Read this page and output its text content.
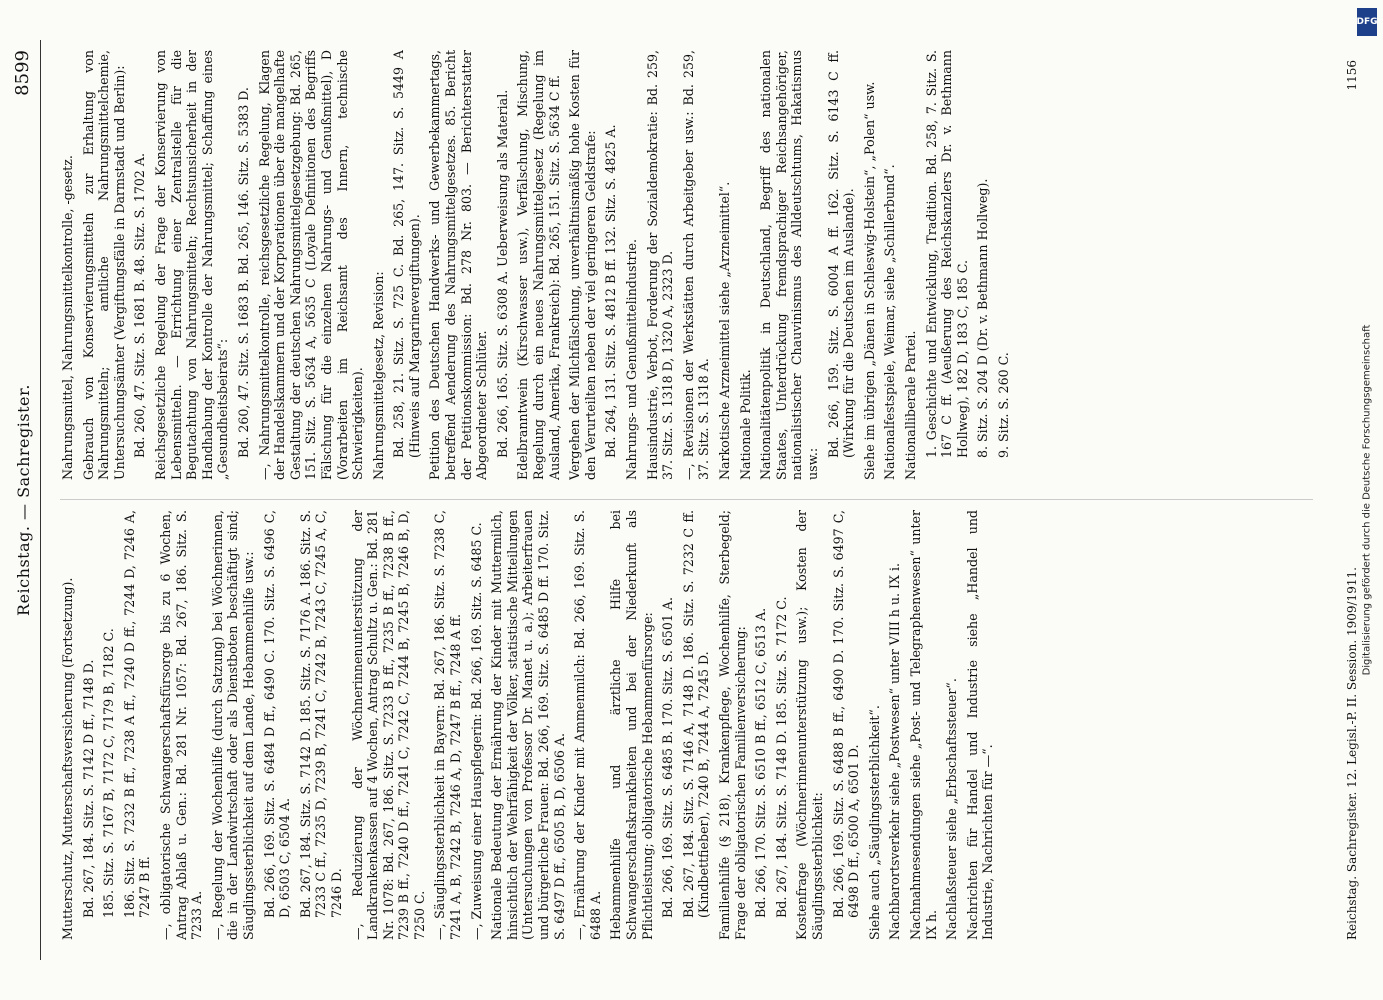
Reichstag. — Sachregister.
8599

Mutterschutz, Mutterschaftsversicherung (Fortsetzung). Bd. 267, 184. Sitz. S. 7142 D ff., 7148 D. 185. Sitz. S. 7167 B, 7172 C, 7179 B, 7182 C. 186. Sitz. S. 7232 B ff., 7238 A ff., 7240 D ff., 7244 D, 7246 A, 7247 B ff. —, obligatorische Schwangerschaftsfürsorge bis zu 6 Wochen, Antrag Ablaß u. Gen.: Bd. 281 Nr. 1057: Bd. 267, 186. Sitz. S. 7233 A. —, Regelung der Wochenhilfe (durch Satzung) bei Wöchnerinnen, die in der Landwirtschaft oder als Dienstboten beschäftigt sind; Säuglingssterblichkeit auf dem Lande, Hebammenhilfe usw.: Bd. 266, 169. Sitz. S. 6484 D ff., 6490 C. 170. Sitz. S. 6496 C, D, 6503 C, 6504 A. Bd. 267, 184. Sitz. S. 7142 D. 185. Sitz. S. 7176 A. 186. Sitz. S. 7233 C ff., 7235 D, 7239 B, 7241 C, 7242 B, 7243 C, 7245 A, C, 7246 D. —, Reduzierung der Wöchnerinnenunterstützung der Landkrankenkassen auf 4 Wochen, Antrag Schultz u. Gen.: Bd. 281 Nr. 1078: Bd. 267, 186. Sitz. S. 7233 B ff., 7235 B ff., 7238 B ff., 7239 B ff., 7240 D ff., 7241 C, 7242 C, 7244 B, 7245 B, 7246 B, D, 7250 C. —, Säuglingssterblichkeit in Bayern: Bd. 267, 186. Sitz. S. 7238 C, 7241 A, B, 7242 B, 7246 A, D, 7247 B ff., 7248 A ff. —, Zuweisung einer Hauspflegerin: Bd. 266, 169. Sitz. S. 6485 C. Nationale Bedeutung der Ernährung der Kinder mit Muttermilch, hinsichtlich der Wehrfähigkeit der Völker, statistische Mitteilungen (Untersuchungen von Professor Dr. Manet u. a.); Arbeiterfrauen und bürgerliche Frauen: Bd. 266, 169. Sitz. S. 6485 D ff. 170. Sitz. S. 6497 D ff., 6505 B, D, 6506 A. —, Ernährung der Kinder mit Ammenmilch: Bd. 266, 169. Sitz. S. 6488 A. Hebammenhilfe und ärztliche Hilfe bei Schwangerschaftskrankheiten und bei der Niederkunft als Pflichtleistung; obligatorische Hebammenfürsorge: Bd. 266, 169. Sitz. S. 6485 B. 170. Sitz. S. 6501 A. Bd. 267, 184. Sitz. S. 7146 A, 7148 D. 186. Sitz. S. 7232 C ff. (Kindbettfieber), 7240 B, 7244 A, 7245 D. Familienhilfe (§ 218), Krankenpflege, Wochenhilfe, Sterbegeld; Frage der obligatorischen Familienversicherung: Bd. 266, 170. Sitz. S. 6510 B ff., 6512 C, 6513 A. Bd. 267, 184. Sitz. S. 7148 D. 185. Sitz. S. 7172 C. Kostenfrage (Wöchnerinnenunterstützung usw.); Kosten der Säuglingssterblichkeit: Bd. 266, 169. Sitz. S. 6488 B ff., 6490 D. 170. Sitz. S. 6497 C, 6498 D ff., 6500 A, 6501 D. Siehe auch „Säuglingssterblichkeit“. Nachbarortsverkehr siehe „Postwesen“ unter VIII h u. IX i. Nachnahmesendungen siehe „Post- und Telegraphenwesen“ unter IX h. Nachlaßsteuer siehe „Erbschaftssteuer“. Nachrichten für Handel und Industrie siehe „Handel und Industrie, Nachrichten für —“.

Nahrungsmittel, Nahrungsmittelkontrolle, -gesetz. Gebrauch von Konservierungsmitteln zur Erhaltung von Nahrungsmitteln; amtliche Nahrungsmittelchemie, Untersuchungsämter (Vergiftungsfälle in Darmstadt und Berlin): Bd. 260, 47. Sitz. S. 1681 B. 48. Sitz. S. 1702 A. Reichsgesetzliche Regelung der Frage der Konservierung von Lebensmitteln. — Errichtung einer Zentralstelle für die Begutachtung von Nahrungsmitteln; Rechtsunsicherheit in der Handhabung der Kontrolle der Nahrungsmittel; Schaffung eines „Gesundheitsbeirats“: Bd. 260, 47. Sitz. S. 1683 B. Bd. 265, 146. Sitz. S. 5383 D. —, Nahrungsmittelkontrolle, reichsgesetzliche Regelung, Klagen der Handelskammern und der Korporationen über die mangelhafte Gestaltung der deutschen Nahrungsmittelgesetzgebung: Bd. 265, 151. Sitz. S. 5634 A, 5635 C (Loyale Definitionen des Begriffs Fälschung für die einzelnen Nahrungs- und Genußmittel), D (Vorarbeiten im Reichsamt des Innern, technische Schwierigkeiten). Nahrungsmittelgesetz, Revision: Bd. 258, 21. Sitz. S. 725 C. Bd. 265, 147. Sitz. S. 5449 A (Hinweis auf Margarinevergiftungen). Petition des Deutschen Handwerks- und Gewerbekammertags, betreffend Aenderung des Nahrungsmittelgesetzes. 85. Bericht der Petitionskommission: Bd. 278 Nr. 803. — Berichterstatter Abgeordneter Schlüter. Bd. 266, 165. Sitz. S. 6308 A. Ueberweisung als Material. Edelbranntwein (Kirschwasser usw.), Verfälschung, Mischung, Regelung durch ein neues Nahrungsmittelgesetz (Regelung im Ausland, Amerika, Frankreich): Bd. 265, 151. Sitz. S. 5634 C ff. Vergehen der Milchfälschung, unverhältnismäßig hohe Kosten für den Verurteilten neben der viel geringeren Geldstrafe: Bd. 264, 131. Sitz. S. 4812 B ff. 132. Sitz. S. 4825 A. Nahrungs- und Genußmittelindustrie. Hausindustrie, Verbot, Forderung der Sozialdemokratie: Bd. 259, 37. Sitz. S. 1318 D, 1320 A, 2323 D. —, Revisionen der Werkstätten durch Arbeitgeber usw.: Bd. 259, 37. Sitz. S. 1318 A. Narkotische Arzneimittel siehe „Arzneimittel“. Nationale Politik. Nationalitätenpolitik in Deutschland, Begriff des nationalen Staates, Unterdrückung fremdsprachiger Reichsangehöriger, nationalistischer Chauvinismus des Alldeutschtums, Hakatismus usw.:

Bd. 266, 159. Sitz. S. 6004 A ff. 162. Sitz. S. 6143 C ff. (Wirkung für die Deutschen im Auslande). Siehe im übrigen „Dänen in Schleswig-Holstein“, „Polen“ usw. Nationalfestspiele, Weimar, siehe „Schillerbund“. Nationalliberale Partei. 1. Geschichte und Entwicklung, Tradition. Bd. 258, 7. Sitz. S. 167 C ff. (Aeußerung des Reichskanzlers Dr. v. Bethmann Hollweg), 182 D, 183 C, 185 C. 8. Sitz. S. 204 D (Dr. v. Bethmann Hollweg). 9. Sitz. S. 260 C.

Reichstag. Sachregister. 12. Legisl.-P. II. Session. 1909/1911.
1156
DFG
Digitalisierung gefördert durch die Deutsche Forschungsgemeinschaft
